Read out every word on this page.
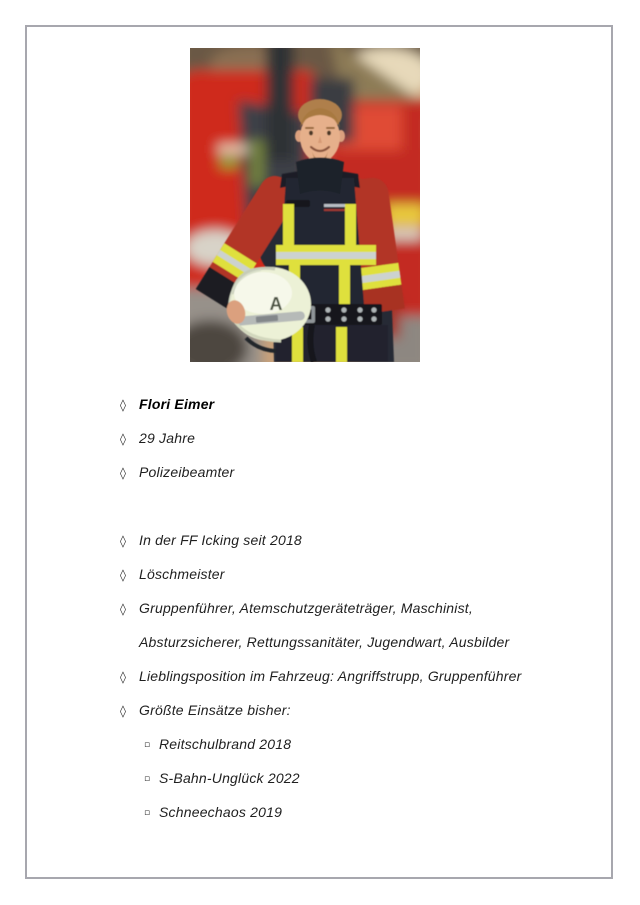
A
◊ Flori Eimer
◊ 29 Jahre
◊ Polizeibeamter
◊ In der FF Icking seit 2018
◊ Löschmeister
◊ Gruppenführer, Atemschutzgeräteträger, Maschinist,
Absturzsicherer, Rettungssanitäter, Jugendwart, Ausbilder
◊ Lieblingsposition im Fahrzeug: Angriffstrupp, Gruppenführer
◊ Größte Einsätze bisher:
▫ Reitschulbrand 2018
▫ S-Bahn-Unglück 2022
▫ Schneechaos 2019
